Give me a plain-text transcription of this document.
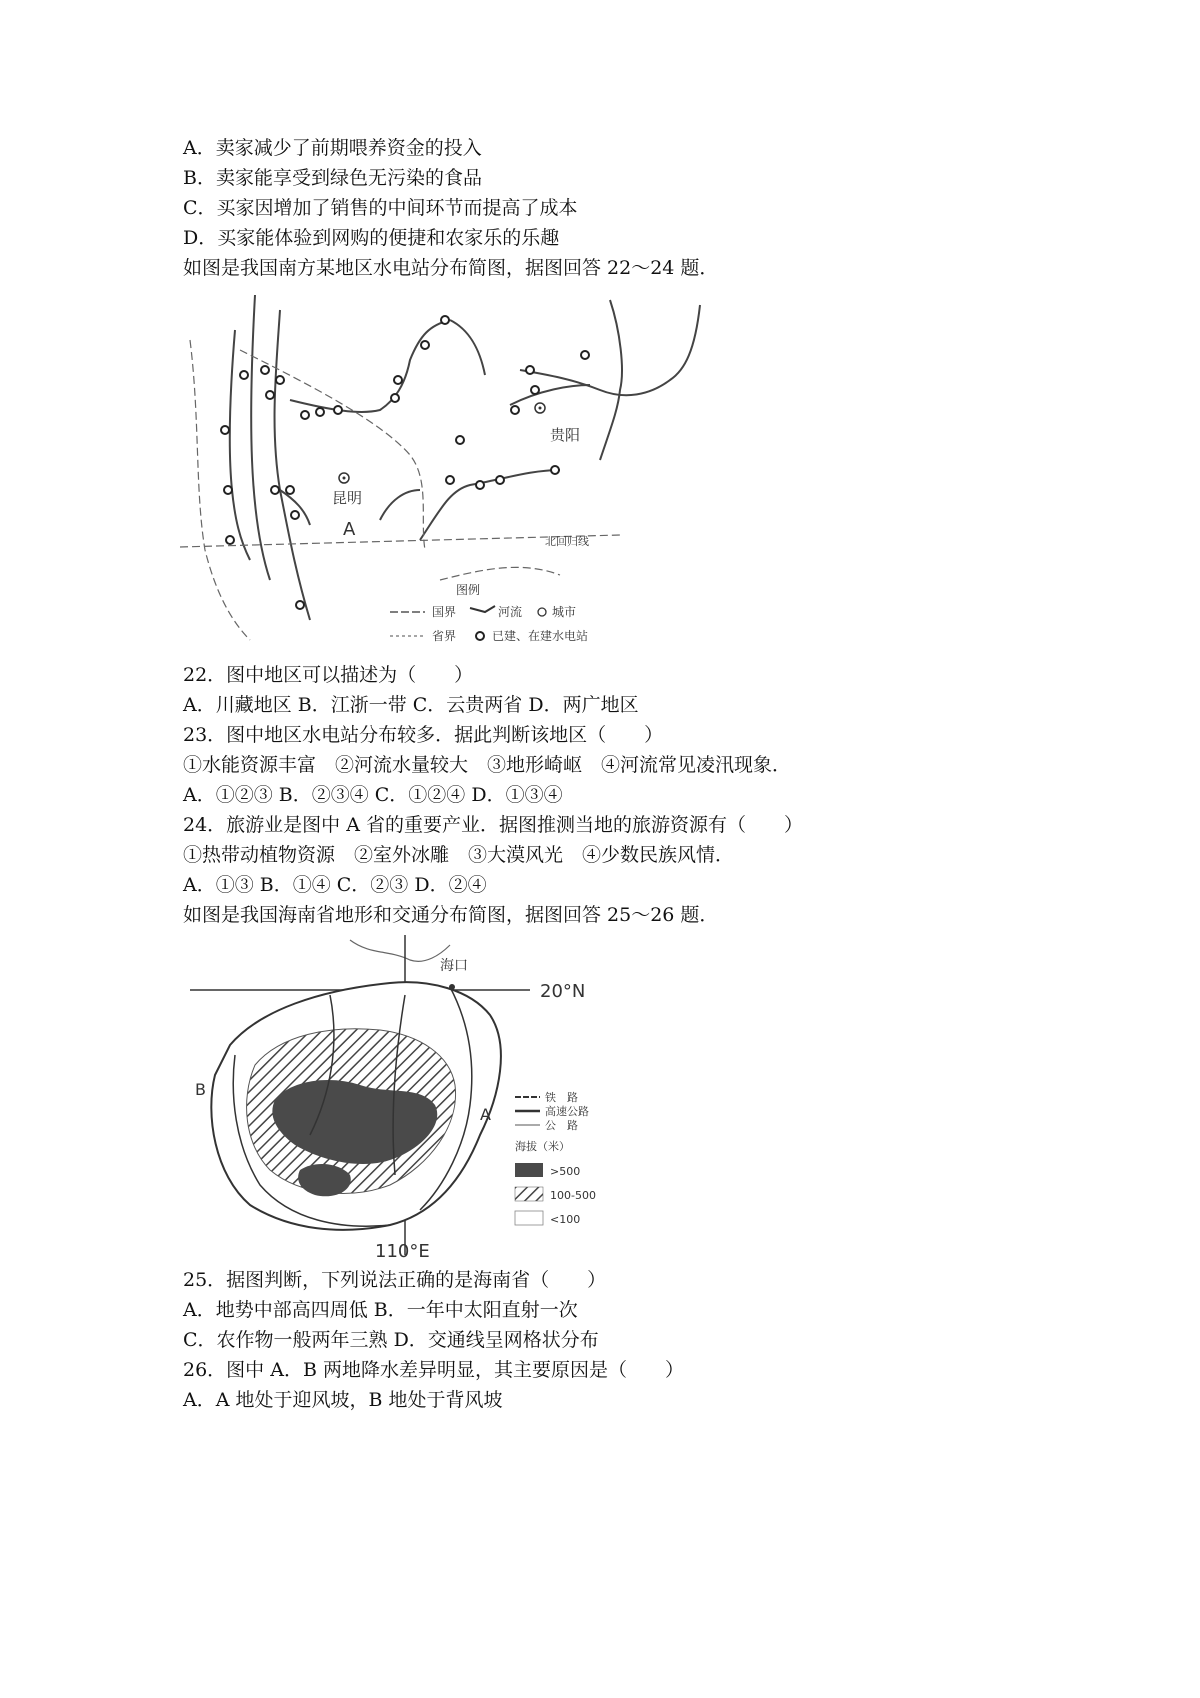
A．卖家减少了前期喂养资金的投入
B．卖家能享受到绿色无污染的食品
C．买家因增加了销售的中间环节而提高了成本
D．买家能体验到网购的便捷和农家乐的乐趣
如图是我国南方某地区水电站分布简图，据图回答 22～24 题．
贵阳
昆明
A
北回归线
图例
国界	河流 城市
省界	已建、在建水电站
22．图中地区可以描述为（　　）
A．川藏地区 B．江浙一带 C．云贵两省 D．两广地区
23．图中地区水电站分布较多．据此判断该地区（　　）
①水能资源丰富　②河流水量较大　③地形崎岖　④河流常见凌汛现象．
A．①②③ B．②③④ C．①②④ D．①③④
24．旅游业是图中 A 省的重要产业．据图推测当地的旅游资源有（　　）
①热带动植物资源　②室外冰雕　③大漠风光　④少数民族风情．
A．①③ B．①④ C．②③ D．②④
如图是我国海南省地形和交通分布简图，据图回答 25～26 题．
20°N
110°E
海口
B
A
铁　路
高速公路
公　路
海拔（米）
>500
100-500
<100
25．据图判断，下列说法正确的是海南省（　　）
A．地势中部高四周低 B．一年中太阳直射一次
C．农作物一般两年三熟 D．交通线呈网格状分布
26．图中 A．B 两地降水差异明显，其主要原因是（　　）
A．A 地处于迎风坡，B 地处于背风坡
